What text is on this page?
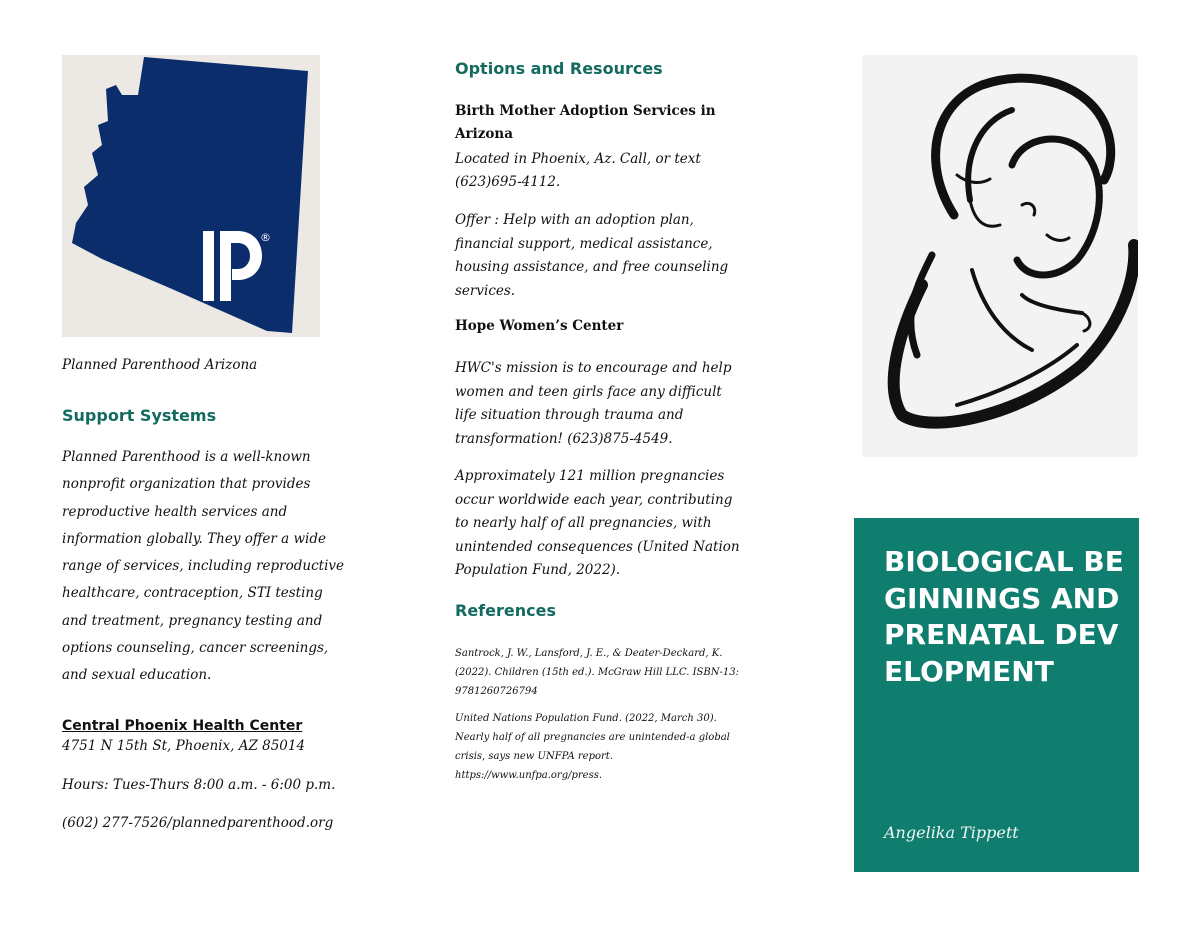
®
Planned Parenthood Arizona
Support Systems
Planned Parenthood is a well-known nonprofit organization that provides reproductive health services and information globally. They offer a wide range of services, including reproductive healthcare, contraception, STI testing and treatment, pregnancy testing and options counseling, cancer screenings, and sexual education.
Central Phoenix Health Center
4751 N 15th St, Phoenix, AZ 85014
Hours: Tues-Thurs 8:00 a.m. - 6:00 p.m.
(602) 277-7526/plannedparenthood.org
Options and Resources
Birth Mother Adoption Services in Arizona
Located in Phoenix, Az. Call, or text (623)695-4112.
Offer : Help with an adoption plan, financial support, medical assistance, housing assistance, and free counseling services.
Hope Women’s Center
HWC's mission is to encourage and help women and teen girls face any difficult life situation through trauma and transformation! (623)875-4549.
Approximately 121 million pregnancies occur worldwide each year, contributing to nearly half of all pregnancies, with unintended consequences (United Nation Population Fund, 2022).
References
Santrock, J. W., Lansford, J. E., & Deater-Deckard, K. (2022). Children (15th ed.). McGraw Hill LLC. ISBN-13: 9781260726794
United Nations Population Fund. (2022, March 30). Nearly half of all pregnancies are unintended-a global crisis, says new UNFPA report. https://www.unfpa.org/press.
BIOLOGICAL BEGINNINGS AND PRENATAL DEVELOPMENT
Angelika Tippett
